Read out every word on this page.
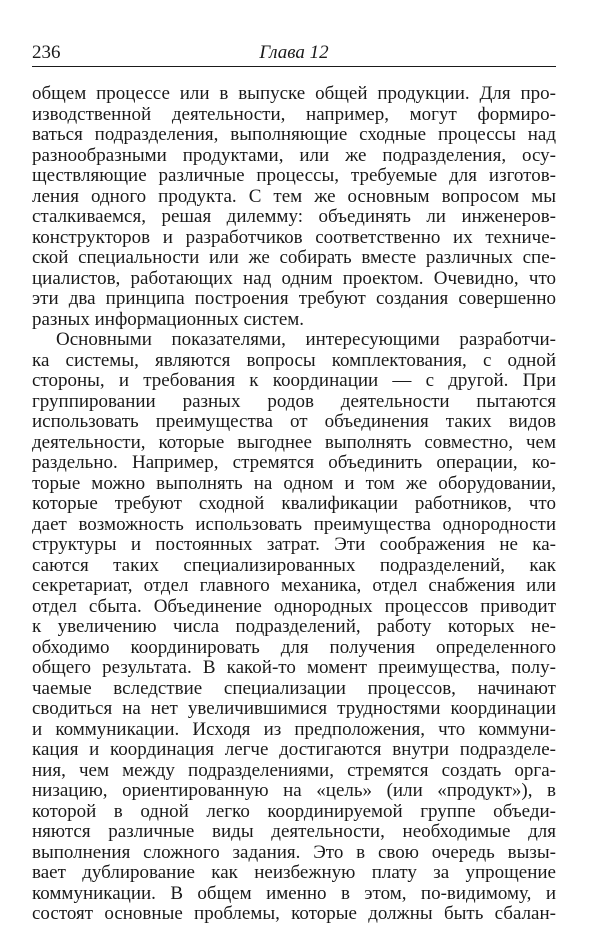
236	Глава 12
общем процессе или в выпуске общей продукции. Для про-
изводственной деятельности, например, могут формиро-
ваться подразделения, выполняющие сходные процессы над
разнообразными продуктами, или же подразделения, осу-
ществляющие различные процессы, требуемые для изготов-
ления одного продукта. С тем же основным вопросом мы
сталкиваемся, решая дилемму: объединять ли инженеров-
конструкторов и разработчиков соответственно их техниче-
ской специальности или же собирать вместе различных спе-
циалистов, работающих над одним проектом. Очевидно, что
эти два принципа построения требуют создания совершенно
разных информационных систем.
Основными показателями, интересующими разработчи-
ка системы, являются вопросы комплектования, с одной
стороны, и требования к координации — с другой. При
группировании разных родов деятельности пытаются
использовать преимущества от объединения таких видов
деятельности, которые выгоднее выполнять совместно, чем
раздельно. Например, стремятся объединить операции, ко-
торые можно выполнять на одном и том же оборудовании,
которые требуют сходной квалификации работников, что
дает возможность использовать преимущества однородности
структуры и постоянных затрат. Эти соображения не ка-
саются таких специализированных подразделений, как
секретариат, отдел главного механика, отдел снабжения или
отдел сбыта. Объединение однородных процессов приводит
к увеличению числа подразделений, работу которых не-
обходимо координировать для получения определенного
общего результата. В какой-то момент преимущества, полу-
чаемые вследствие специализации процессов, начинают
сводиться на нет увеличившимися трудностями координации
и коммуникации. Исходя из предположения, что коммуни-
кация и координация легче достигаются внутри подразделе-
ния, чем между подразделениями, стремятся создать орга-
низацию, ориентированную на «цель» (или «продукт»), в
которой в одной легко координируемой группе объеди-
няются различные виды деятельности, необходимые для
выполнения сложного задания. Это в свою очередь вызы-
вает дублирование как неизбежную плату за упрощение
коммуникации. В общем именно в этом, по-видимому, и
состоят основные проблемы, которые должны быть сбалан-
